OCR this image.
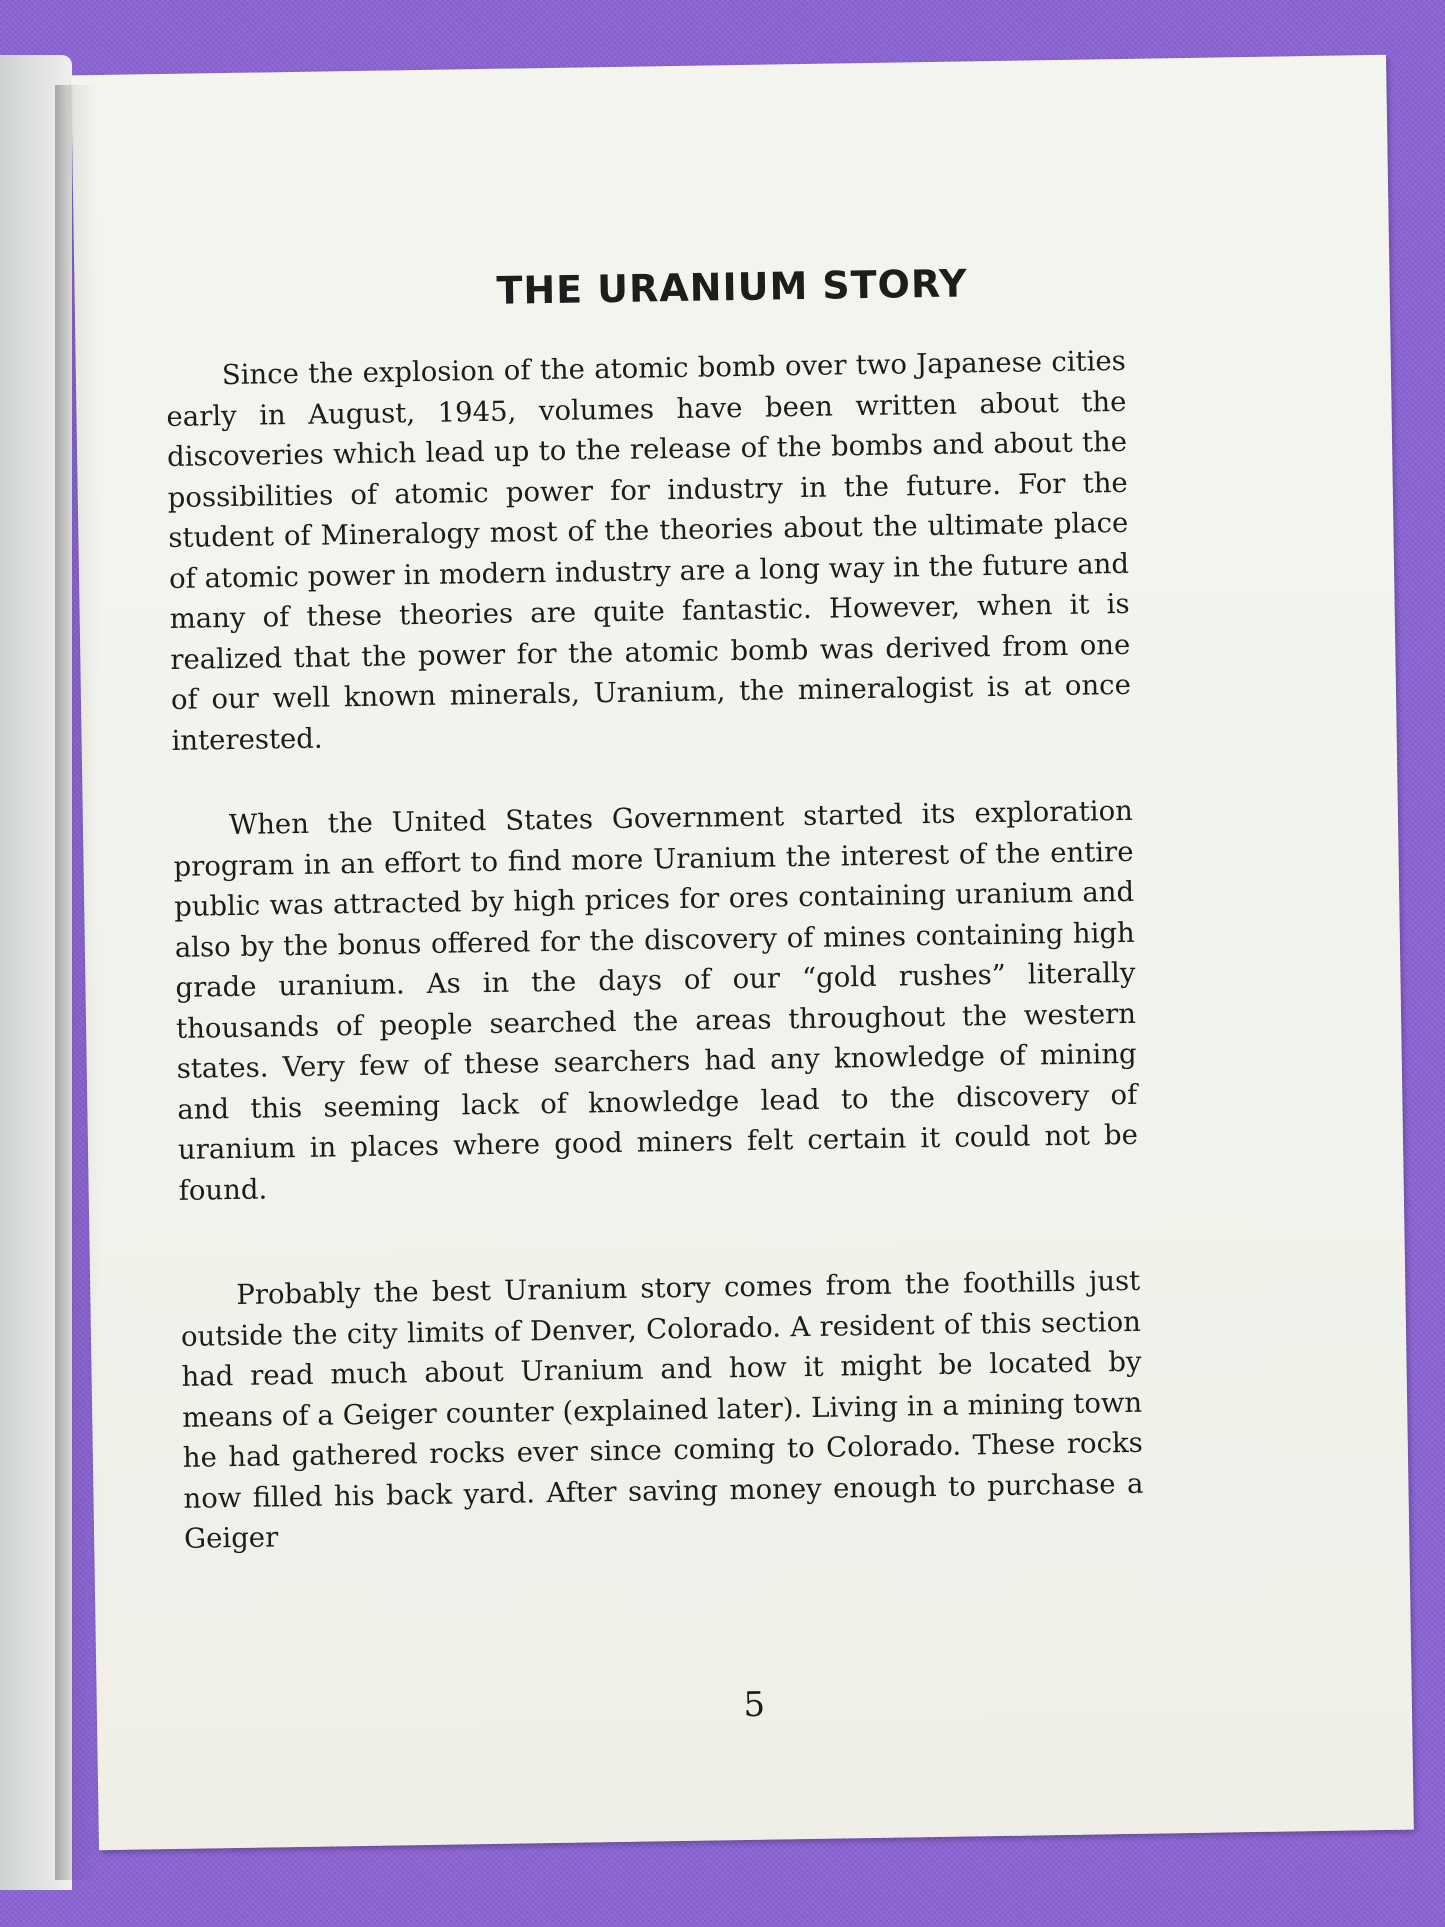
THE URANIUM STORY

Since the explosion of the atomic bomb over two Japanese cities early in August, 1945, volumes have been written about the discoveries which lead up to the release of the bombs and about the possibilities of atomic power for industry in the future. For the student of Mineralogy most of the theories about the ultimate place of atomic power in modern industry are a long way in the future and many of these theories are quite fantastic. However, when it is realized that the power for the atomic bomb was derived from one of our well known minerals, Uranium, the mineralogist is at once interested.

When the United States Government started its exploration program in an effort to find more Uranium the interest of the entire public was attracted by high prices for ores containing uranium and also by the bonus offered for the discovery of mines containing high grade uranium. As in the days of our “gold rushes” literally thousands of people searched the areas throughout the western states. Very few of these searchers had any knowledge of mining and this seeming lack of knowledge lead to the discovery of uranium in places where good miners felt certain it could not be found.

Probably the best Uranium story comes from the foothills just outside the city limits of Denver, Colorado. A resident of this section had read much about Uranium and how it might be located by means of a Geiger counter (explained later). Living in a mining town he had gathered rocks ever since coming to Colorado. These rocks now filled his back yard. After saving money enough to purchase a Geiger

5
